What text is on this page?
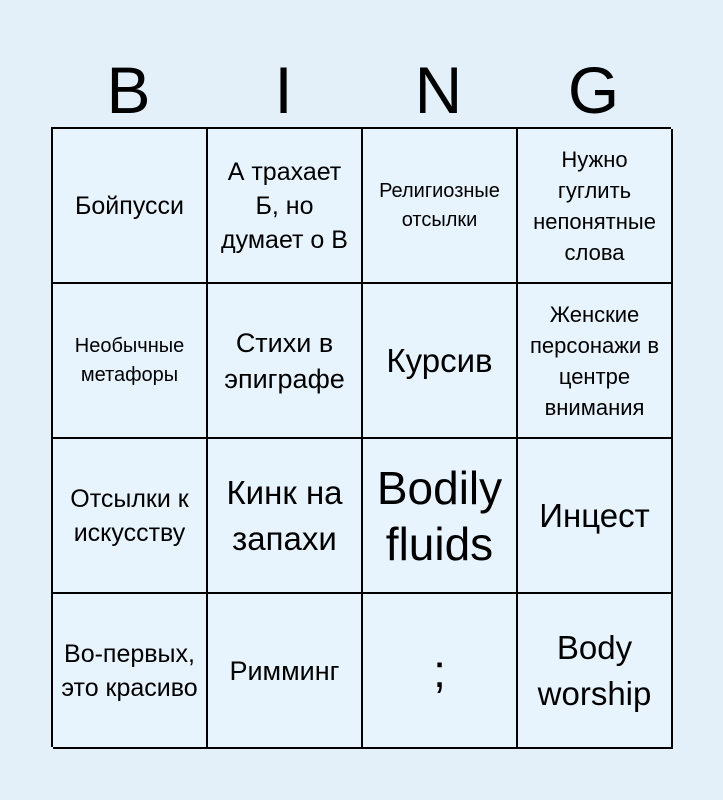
B	I	N	G
Бойпусси
А трахает Б, но думает о В
Религиозные отсылки
Нужно гуглить непонятные слова
Необычные метафоры
Стихи в эпиграфе	Курсив
Женские персонажи в центре внимания
Отсылки к искусству
Кинк на запахи
Bodily fluids
Инцест
Во-первых, это красиво
Римминг ;	Body worship
